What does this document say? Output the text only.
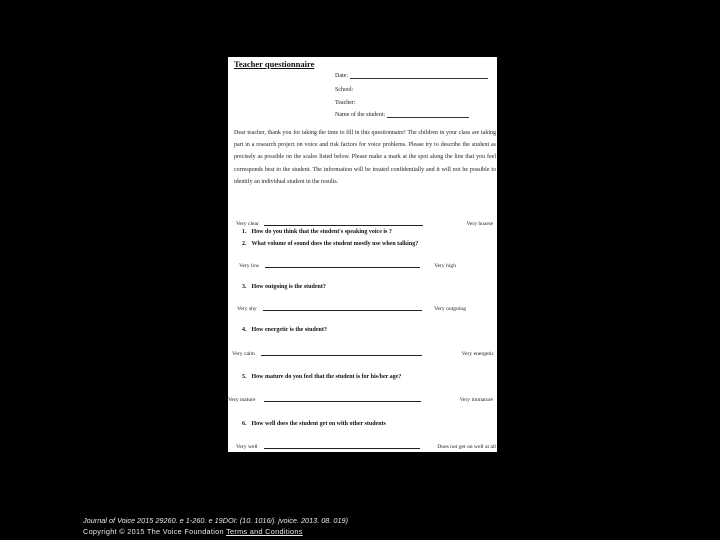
Teacher questionnaire
Date:
School:
Teacher:
Name of the student:
Dear teacher, thank you for taking the time to fill in this questionnaire! The children in your class are taking part in a research project on voice and risk factors for voice problems. Please try to describe the student as precisely as possible on the scales listed below. Please make a mark at the spot along the line that you feel corresponds best to the student. The information will be treated confidentially and it will not be possible to identify an individual student in the results.
1. How do you think that the student's speaking voice is ?
Very clear	Very hoarse
2. What volume of sound does the student mostly use when talking?
Very low	Very high
3. How outgoing is the student?
Very shy	Very outgoing
4. How energetic is the student?
Very calm	Very energetic
5. How mature do you feel that the student is for his/her age?
Very mature	Very immature
6. How well does the student get on with other students
Very well	Does not get on well at all
Journal of Voice 2015 29260. e 1-260. e 19DOI: (10. 1016/j. jvoice. 2013. 08. 019)
Copyright © 2015 The Voice Foundation Terms and Conditions
